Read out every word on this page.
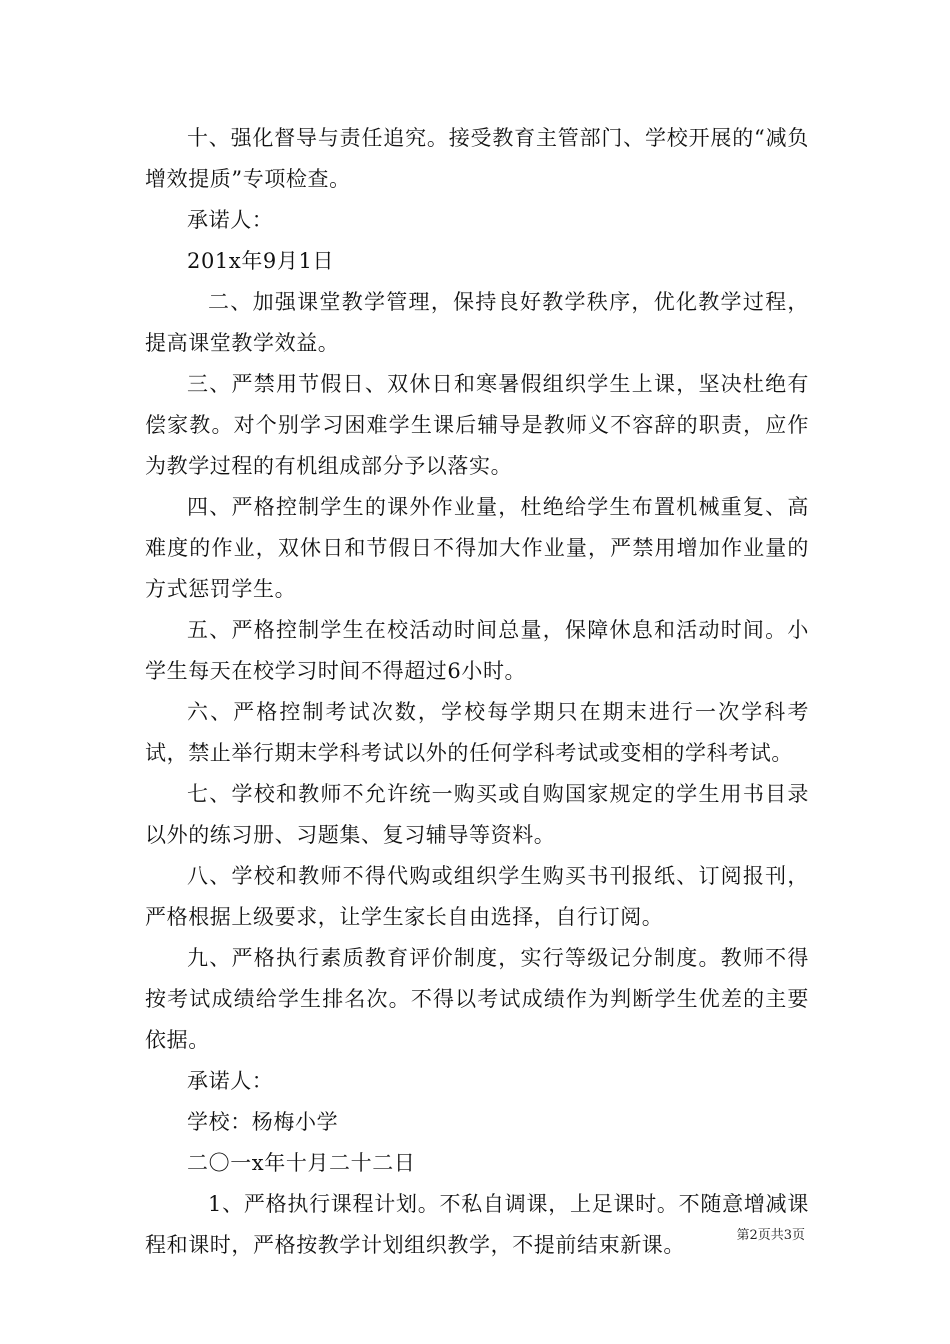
十、强化督导与责任追究。接受教育主管部门、学校开展的“减负增效提质”专项检查。

承诺人：

201x年9月1日

二、加强课堂教学管理，保持良好教学秩序，优化教学过程，提高课堂教学效益。

三、严禁用节假日、双休日和寒暑假组织学生上课，坚决杜绝有偿家教。对个别学习困难学生课后辅导是教师义不容辞的职责，应作为教学过程的有机组成部分予以落实。

四、严格控制学生的课外作业量，杜绝给学生布置机械重复、高难度的作业，双休日和节假日不得加大作业量，严禁用增加作业量的方式惩罚学生。

五、严格控制学生在校活动时间总量，保障休息和活动时间。小学生每天在校学习时间不得超过6小时。

六、严格控制考试次数，学校每学期只在期末进行一次学科考试，禁止举行期末学科考试以外的任何学科考试或变相的学科考试。

七、学校和教师不允许统一购买或自购国家规定的学生用书目录以外的练习册、习题集、复习辅导等资料。

八、学校和教师不得代购或组织学生购买书刊报纸、订阅报刊，严格根据上级要求，让学生家长自由选择，自行订阅。

九、严格执行素质教育评价制度，实行等级记分制度。教师不得按考试成绩给学生排名次。不得以考试成绩作为判断学生优差的主要依据。

承诺人：

学校：杨梅小学

二〇一x年十月二十二日

1、严格执行课程计划。不私自调课，上足课时。不随意增减课程和课时，严格按教学计划组织教学，不提前结束新课。	第2页共3页
